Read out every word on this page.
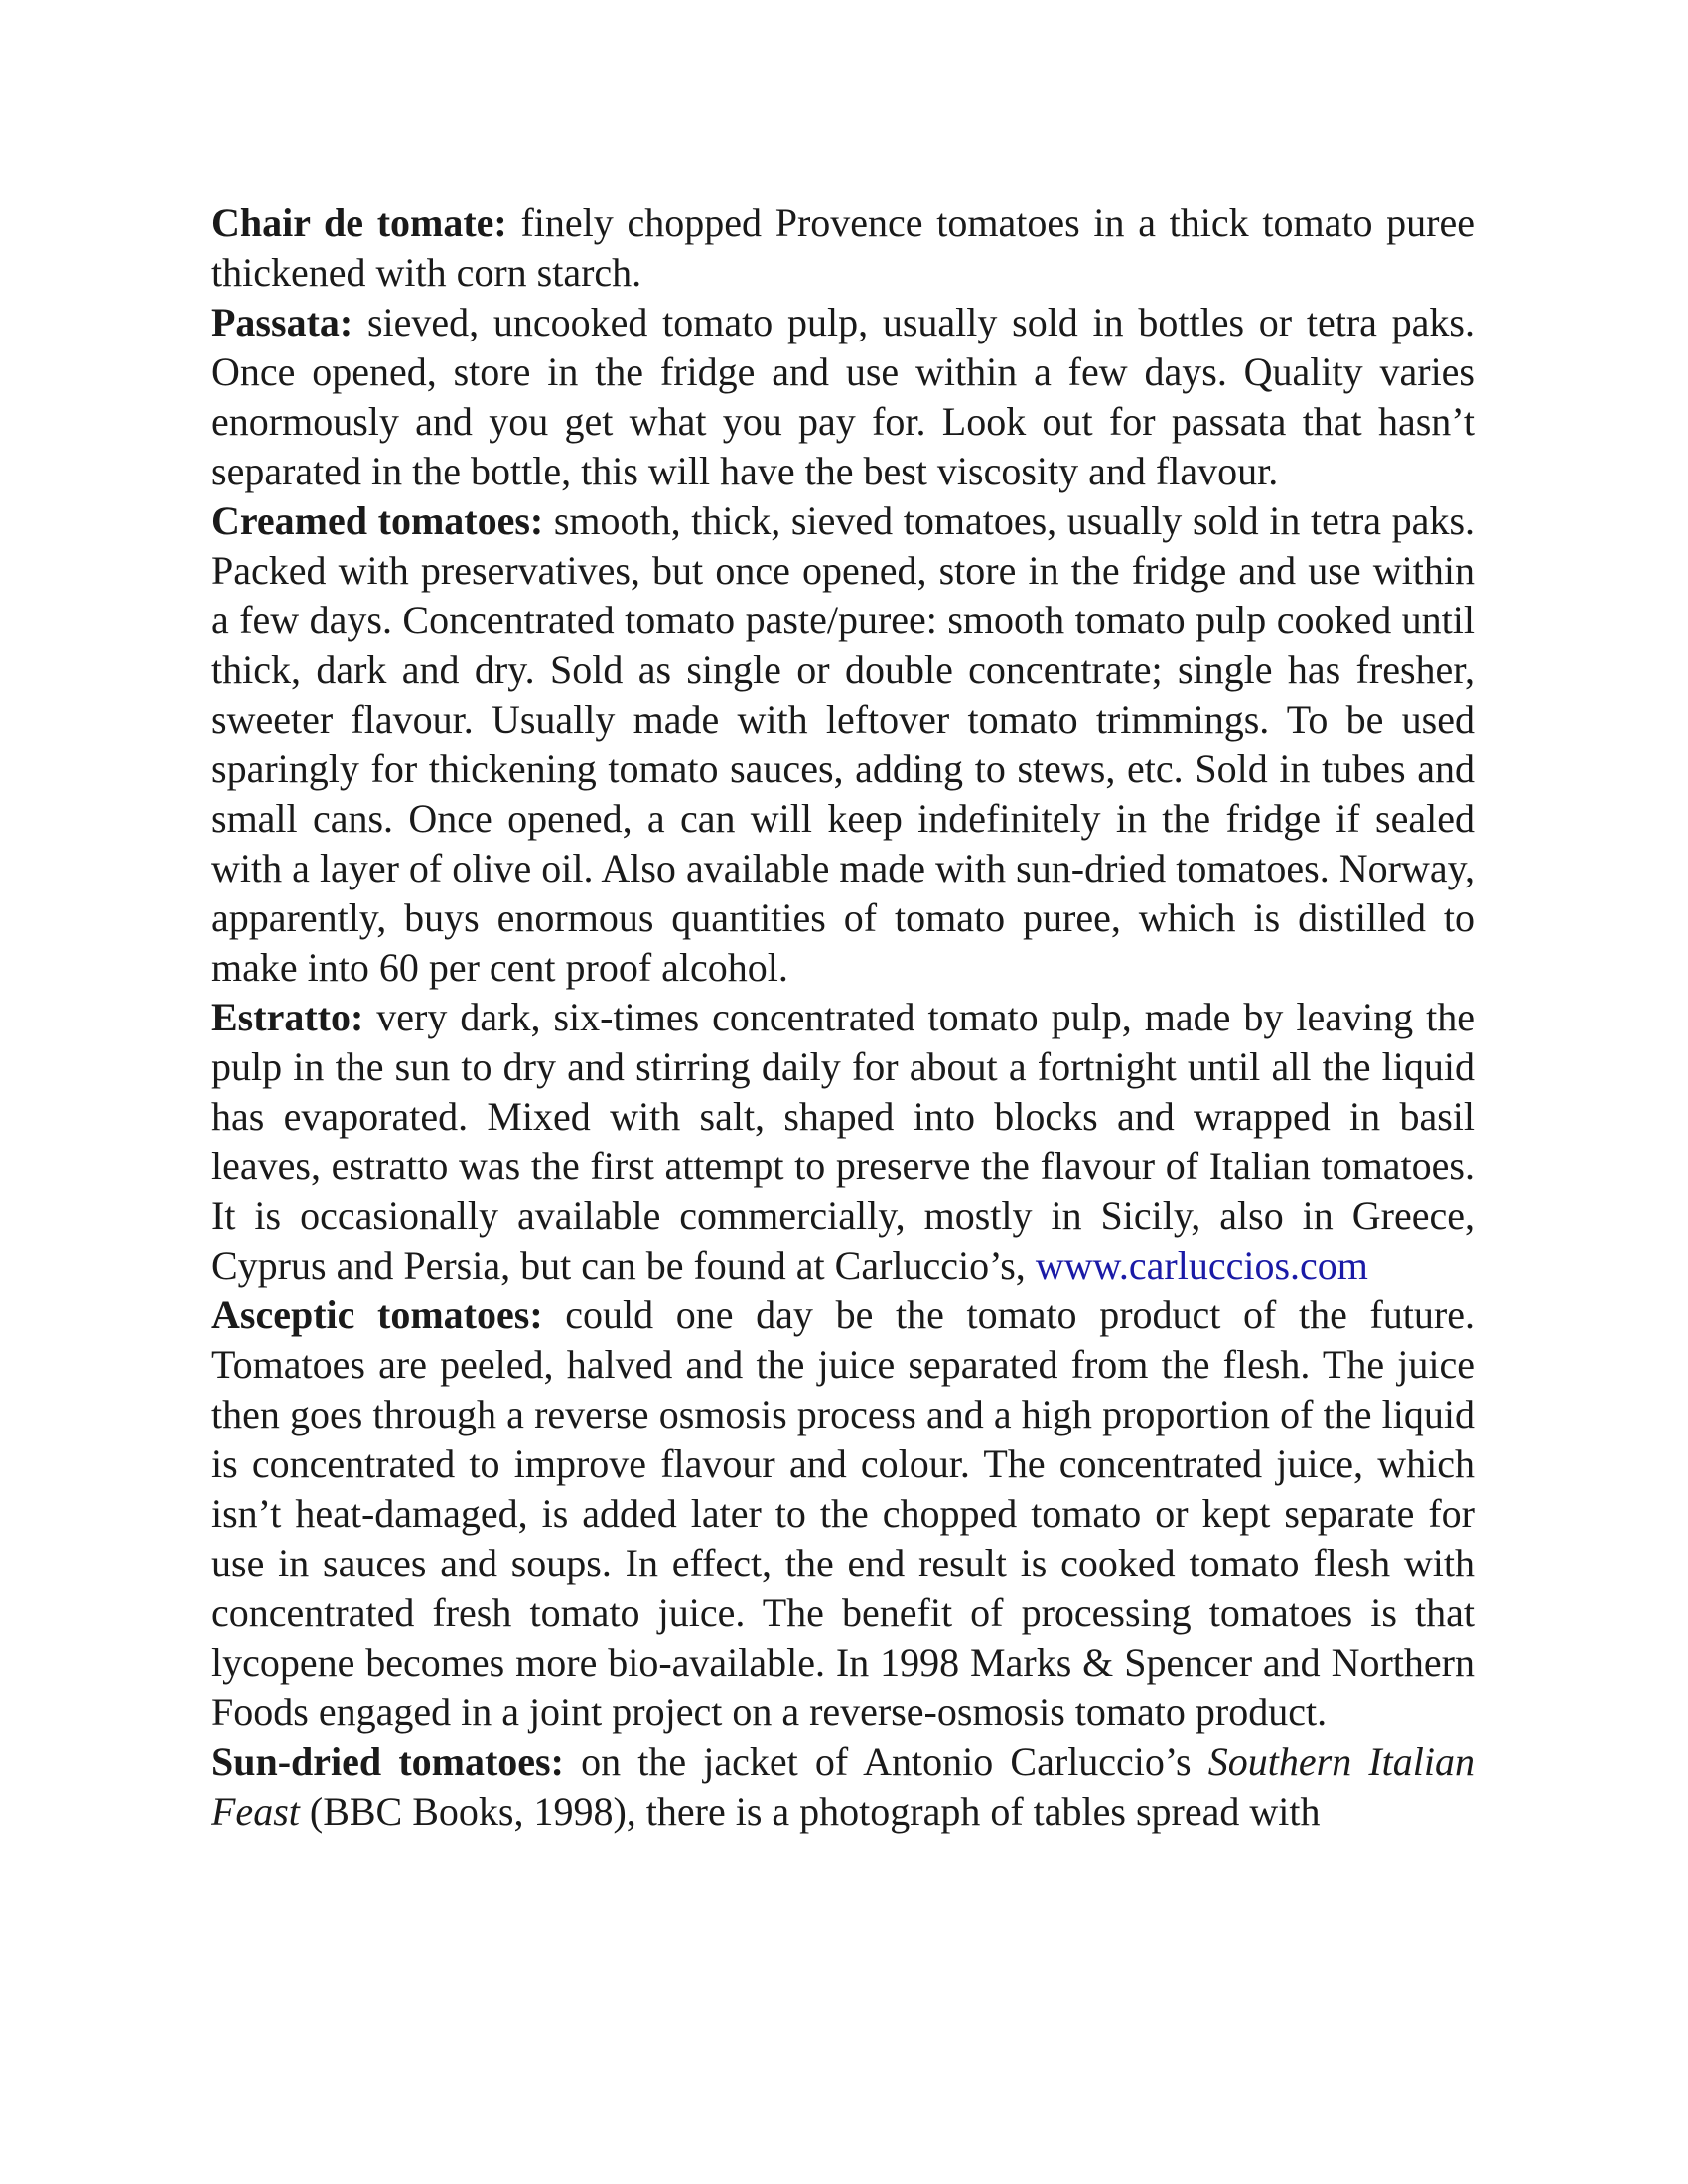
Chair de tomate: finely chopped Provence tomatoes in a thick tomato puree thickened with corn starch.

Passata: sieved, uncooked tomato pulp, usually sold in bottles or tetra paks. Once opened, store in the fridge and use within a few days. Quality varies enormously and you get what you pay for. Look out for passata that hasn’t separated in the bottle, this will have the best viscosity and flavour.

Creamed tomatoes: smooth, thick, sieved tomatoes, usually sold in tetra paks. Packed with preservatives, but once opened, store in the fridge and use within a few days. Concentrated tomato paste/puree: smooth tomato pulp cooked until thick, dark and dry. Sold as single or double concentrate; single has fresher, sweeter flavour. Usually made with leftover tomato trimmings. To be used sparingly for thickening tomato sauces, adding to stews, etc. Sold in tubes and small cans. Once opened, a can will keep indefinitely in the fridge if sealed with a layer of olive oil. Also available made with sun-dried tomatoes. Norway, apparently, buys enormous quantities of tomato puree, which is distilled to make into 60 per cent proof alcohol.

Estratto: very dark, six-times concentrated tomato pulp, made by leaving the pulp in the sun to dry and stirring daily for about a fortnight until all the liquid has evaporated. Mixed with salt, shaped into blocks and wrapped in basil leaves, estratto was the first attempt to preserve the flavour of Italian tomatoes. It is occasionally available commercially, mostly in Sicily, also in Greece, Cyprus and Persia, but can be found at Carluccio’s, www.carluccios.com

Asceptic tomatoes: could one day be the tomato product of the future. Tomatoes are peeled, halved and the juice separated from the flesh. The juice then goes through a reverse osmosis process and a high proportion of the liquid is concentrated to improve flavour and colour. The concentrated juice, which isn’t heat-damaged, is added later to the chopped tomato or kept separate for use in sauces and soups. In effect, the end result is cooked tomato flesh with concentrated fresh tomato juice. The benefit of processing tomatoes is that lycopene becomes more bio-available. In 1998 Marks & Spencer and Northern Foods engaged in a joint project on a reverse-osmosis tomato product.

Sun-dried tomatoes: on the jacket of Antonio Carluccio’s Southern Italian Feast (BBC Books, 1998), there is a photograph of tables spread with
